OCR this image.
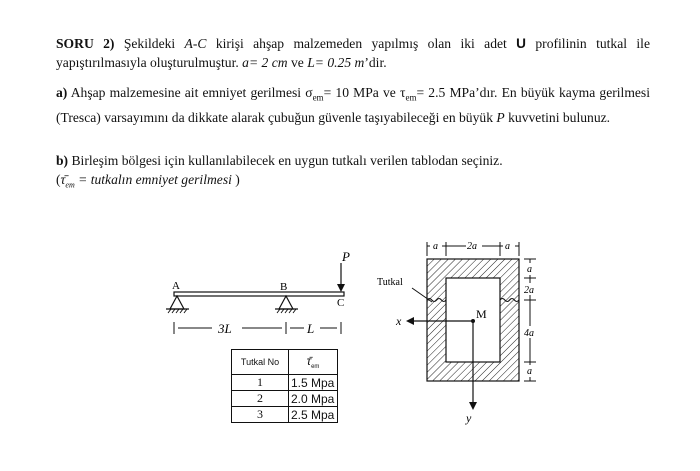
SORU 2) Şekildeki A-C kirişi ahşap malzemeden yapılmış olan iki adet U profilinin tutkal ile yapıştırılmasıyla oluşturulmuştur. a= 2 cm ve L= 0.25 m’dir.

a) Ahşap malzemesine ait emniyet gerilmesi $\sigma_{em}= 10$ MPa ve $\tau_{em}= 2.5$ MPa’dır. En büyük kayma gerilmesi (Tresca) varsayımını da dikkate alarak çubuğun güvenle taşıyabileceği en büyük P kuvvetini bulunuz.

b) Birleşim bölgesi için kullanılabilecek en uygun tutkalı verilen tablodan seçiniz.
($\taū_{em}$ = tutkalın emniyet gerilmesi )

P
A	B
C
3L	L
Tutkal
a	2a	a
a
2a
4a
a
x
y
M
Tutkal No	$\taū_{em}$
1	1.5 Mpa
2	2.0 Mpa
3	2.5 Mpa
